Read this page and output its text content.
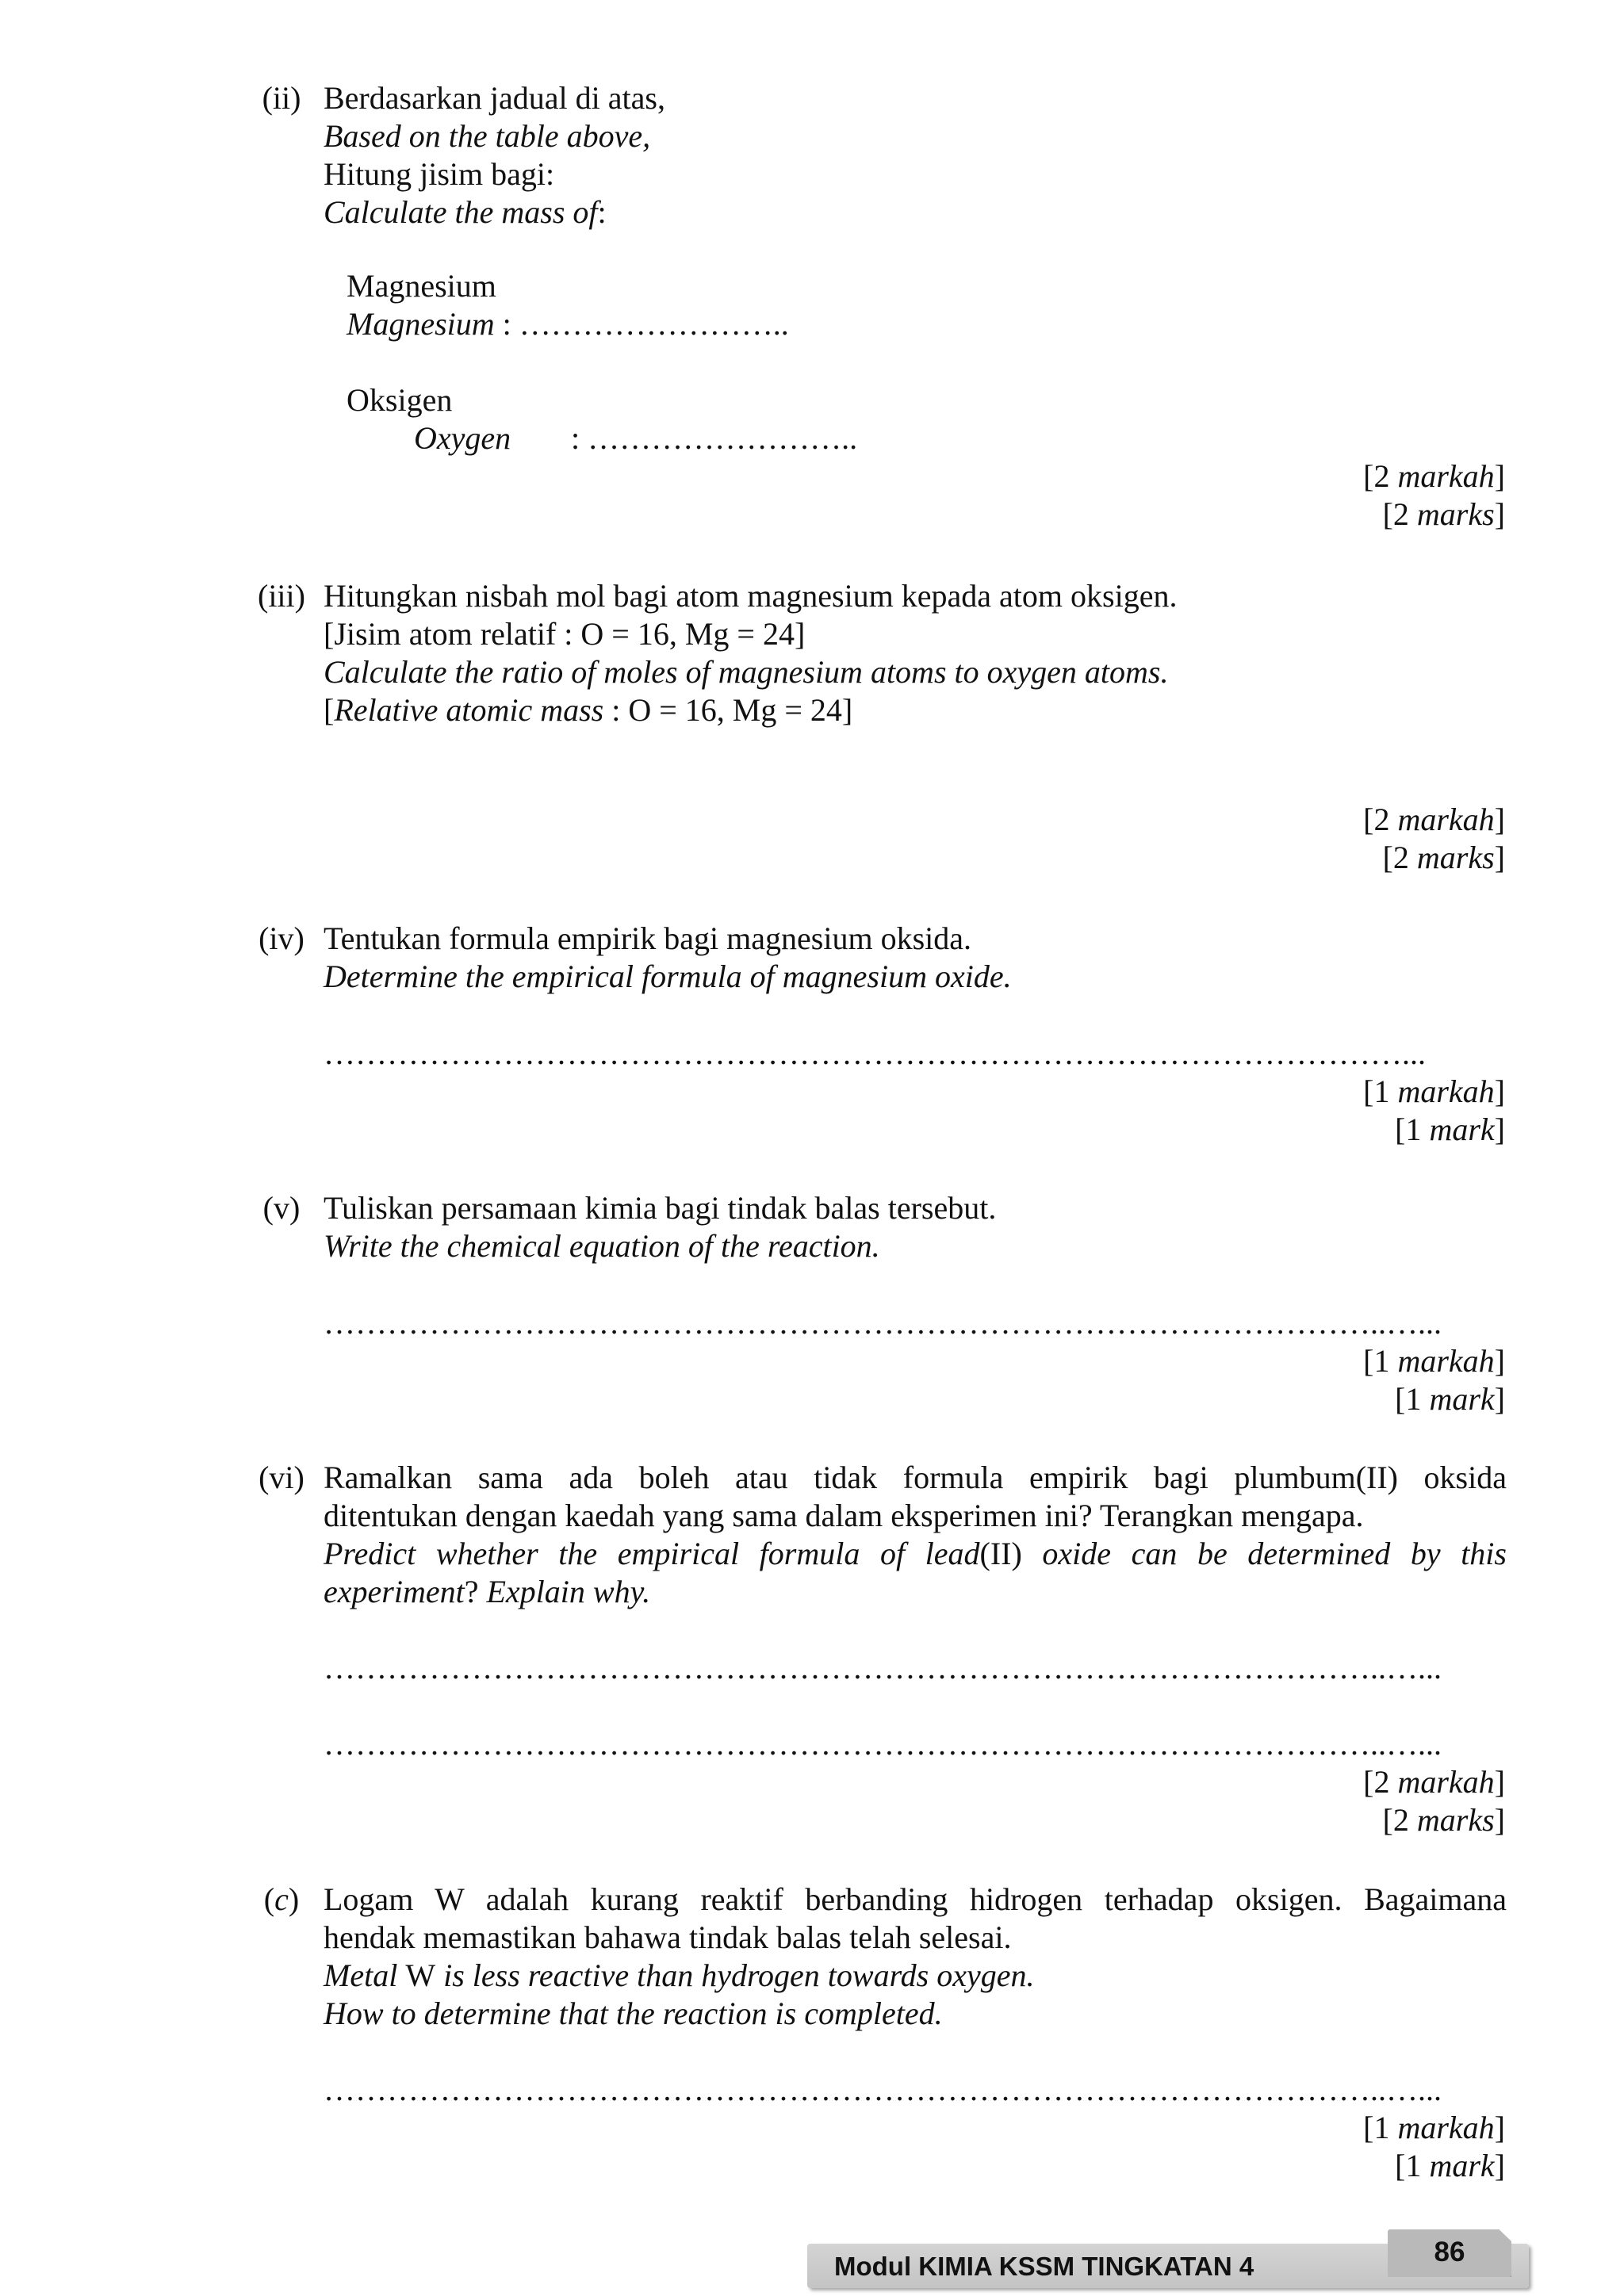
(ii) Berdasarkan jadual di atas,
Based on the table above,
Hitung jisim bagi:
Calculate the mass of:
Magnesium
Magnesium : ……………………..
Oksigen
Oxygen : ……………………..
[2 markah]
[2 marks]
(iii) Hitungkan nisbah mol bagi atom magnesium kepada atom oksigen.
[Jisim atom relatif : O = 16, Mg = 24]
Calculate the ratio of moles of magnesium atoms to oxygen atoms.
[Relative atomic mass : O = 16, Mg = 24]
[2 markah]
[2 marks]
(iv) Tentukan formula empirik bagi magnesium oksida.
Determine the empirical formula of magnesium oxide.
…………………………………………………………………………………………...
[1 markah]
[1 mark]
(v) Tuliskan persamaan kimia bagi tindak balas tersebut.
Write the chemical equation of the reaction.
………………………………………………………………………………………..…...
[1 markah]
[1 mark]
(vi) Ramalkan sama ada boleh atau tidak formula empirik bagi plumbum(II) oksida
ditentukan dengan kaedah yang sama dalam eksperimen ini? Terangkan mengapa.
Predict whether the empirical formula of lead(II) oxide can be determined by this
experiment? Explain why.
………………………………………………………………………………………..…...
………………………………………………………………………………………..…...
[2 markah]
[2 marks]
(c) Logam W adalah kurang reaktif berbanding hidrogen terhadap oksigen. Bagaimana
hendak memastikan bahawa tindak balas telah selesai.
Metal W is less reactive than hydrogen towards oxygen.
How to determine that the reaction is completed.
………………………………………………………………………………………..…...
[1 markah]
[1 mark]
Modul KIMIA KSSM TINGKATAN 4	86
